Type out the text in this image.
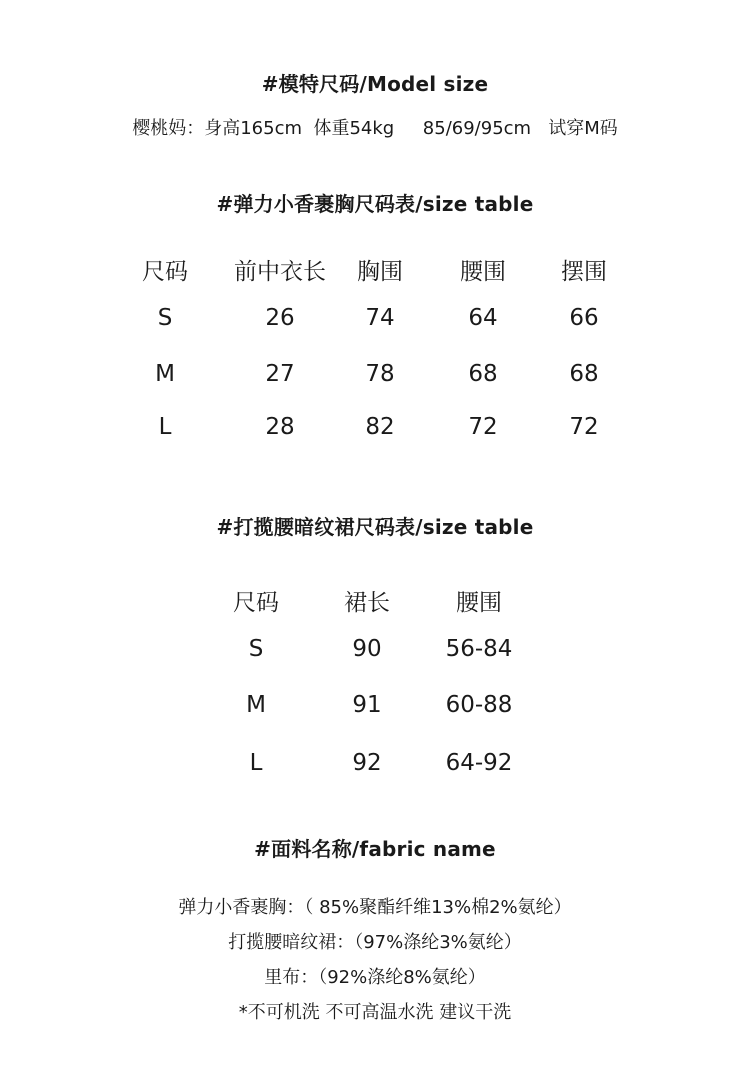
#模特尺码/Model size
樱桃妈：身高165cm  体重54kg     85/69/95cm   试穿M码
#弹力小香裹胸尺码表/size table
尺码 前中衣长 胸围 腰围 摆围
S	26	74	64	66
M	27	78	68	68
L	28	82	72	72
#打揽腰暗纹裙尺码表/size table
尺码	裙长	腰围
S	90	56-84
M	91	60-88
L	92	64-92
#面料名称/fabric name
弹力小香裹胸：（ 85%聚酯纤维13%棉2%氨纶）
打揽腰暗纹裙：（97%涤纶3%氨纶）
里布：（92%涤纶8%氨纶）
*不可机洗 不可高温水洗 建议干洗
